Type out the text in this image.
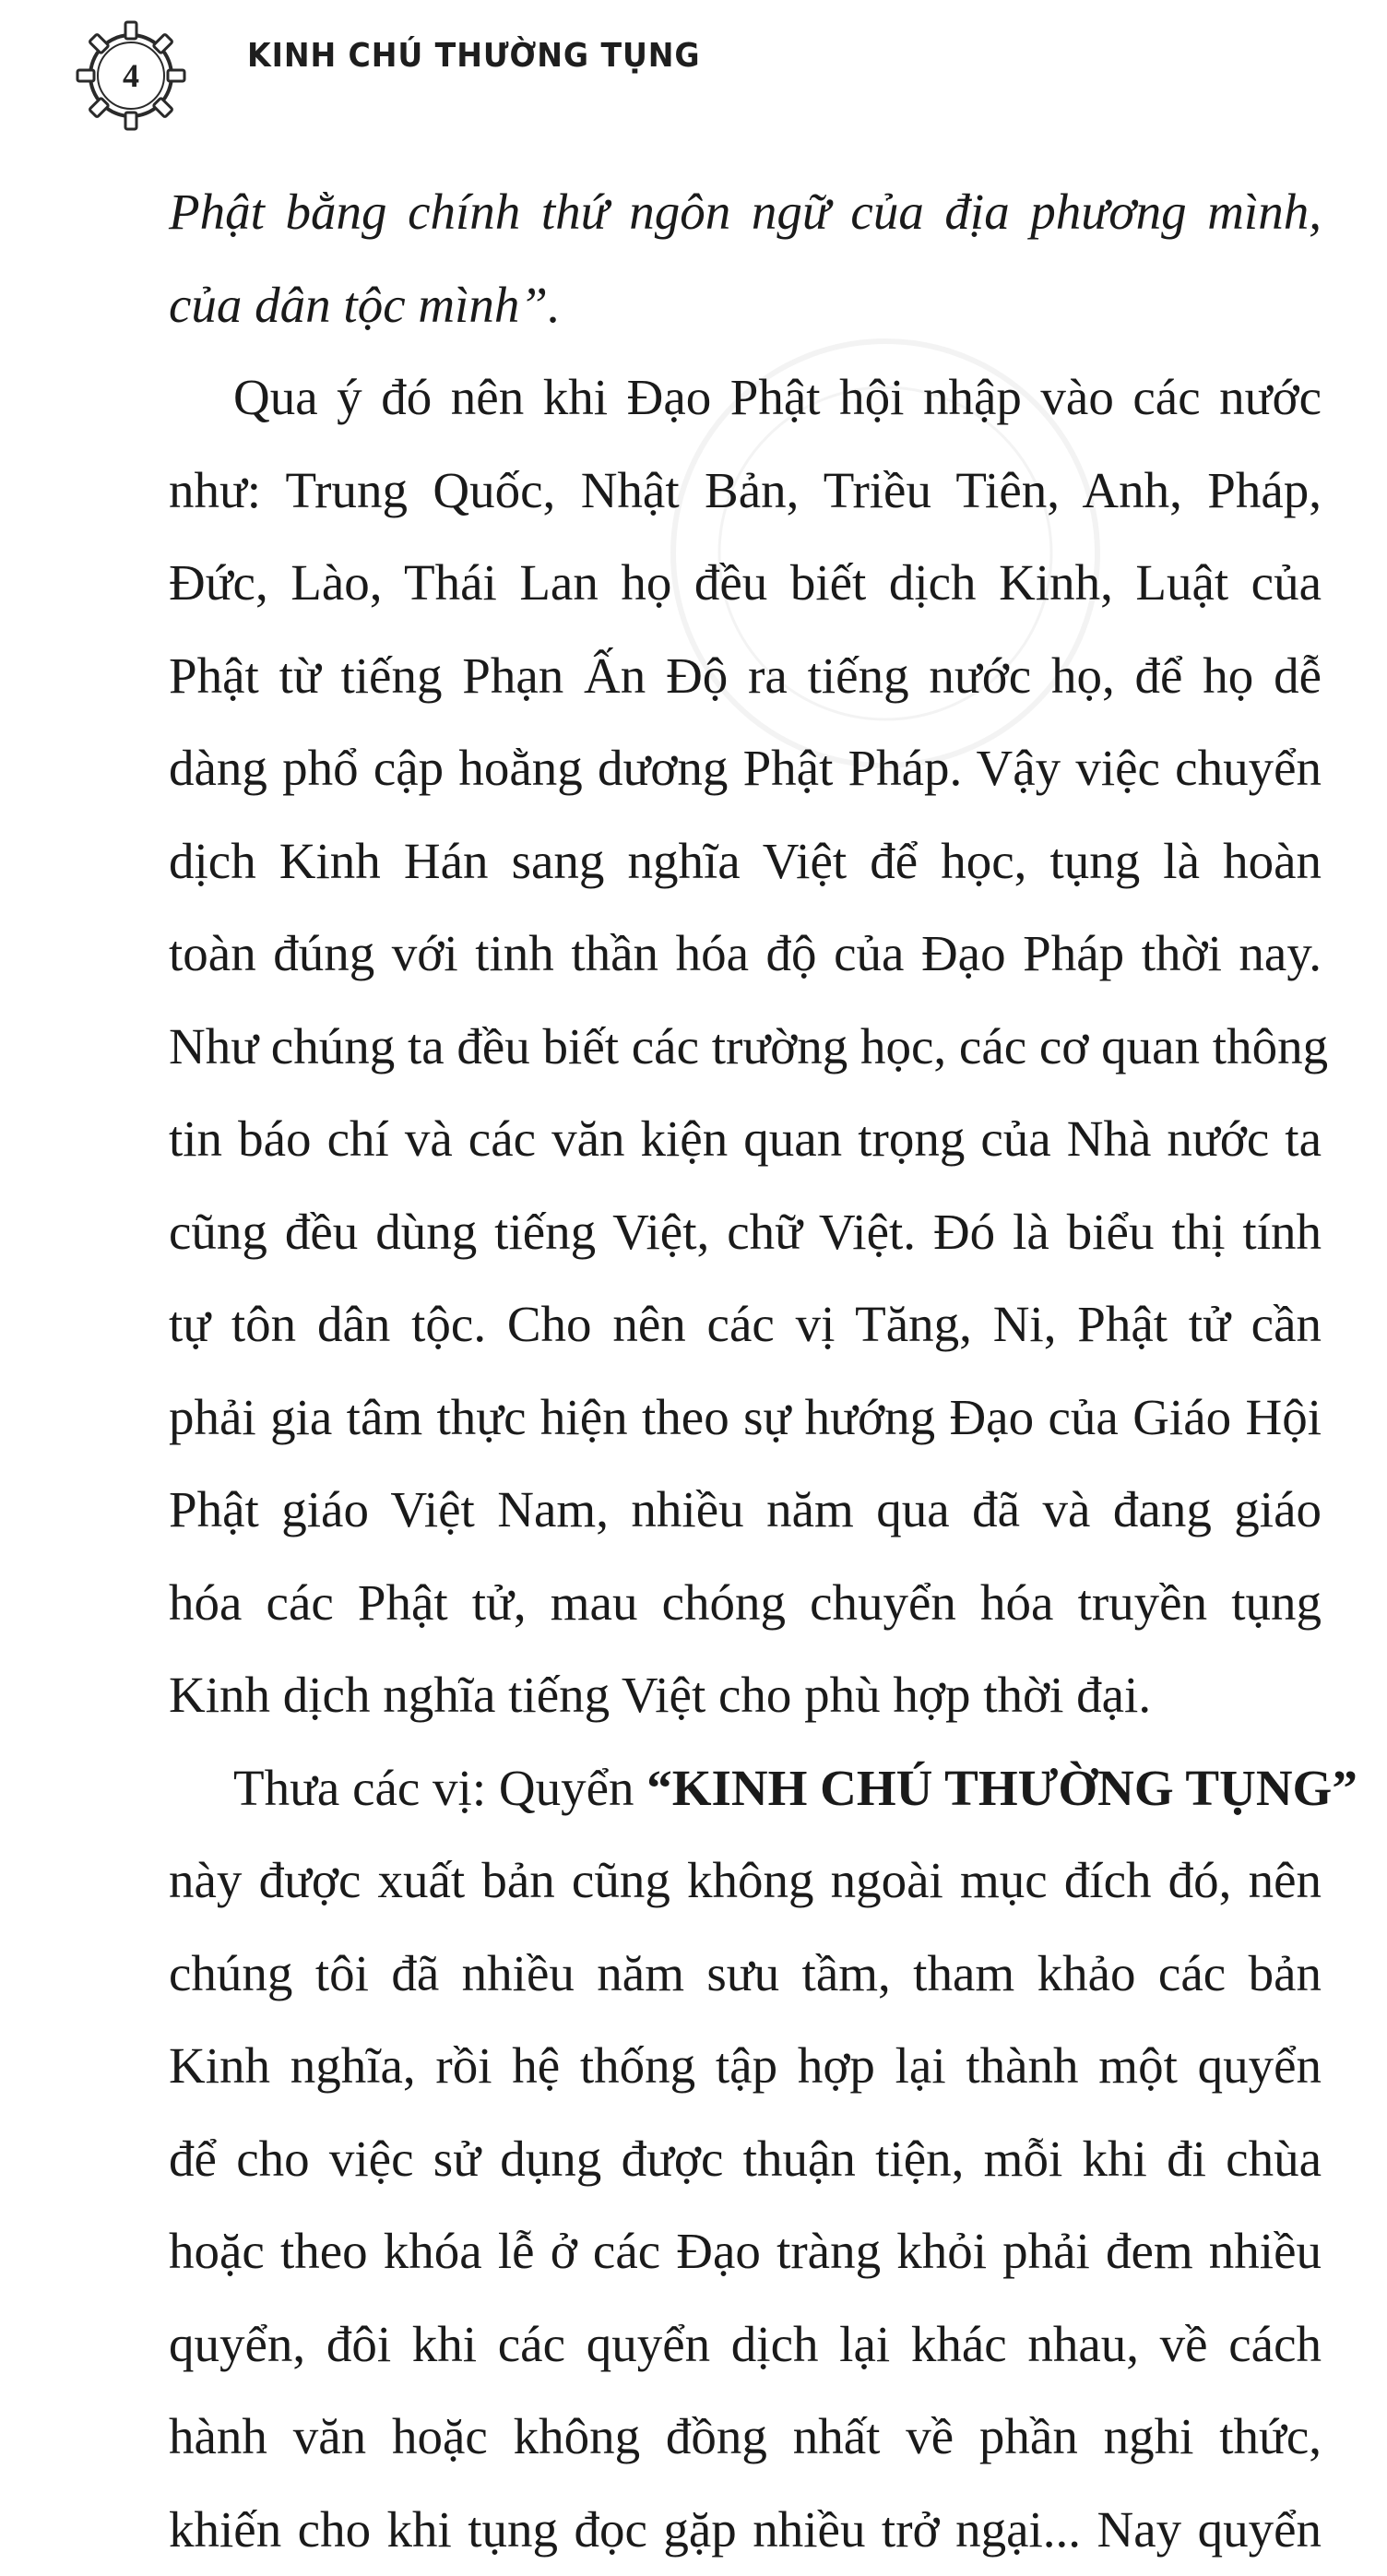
4
KINH CHÚ THƯỜNG TỤNG
Phật bằng chính thứ ngôn ngữ của địa phương mình,
của dân tộc mình”.
Qua ý đó nên khi Đạo Phật hội nhập vào các nước
như: Trung Quốc, Nhật Bản, Triều Tiên, Anh, Pháp,
Đức, Lào, Thái Lan họ đều biết dịch Kinh, Luật của
Phật từ tiếng Phạn Ấn Độ ra tiếng nước họ, để họ dễ
dàng phổ cập hoằng dương Phật Pháp. Vậy việc chuyển
dịch Kinh Hán sang nghĩa Việt để học, tụng là hoàn
toàn đúng với tinh thần hóa độ của Đạo Pháp thời nay.
Như chúng ta đều biết các trường học, các cơ quan thông
tin báo chí và các văn kiện quan trọng của Nhà nước ta
cũng đều dùng tiếng Việt, chữ Việt. Đó là biểu thị tính
tự tôn dân tộc. Cho nên các vị Tăng, Ni, Phật tử cần
phải gia tâm thực hiện theo sự hướng Đạo của Giáo Hội
Phật giáo Việt Nam, nhiều năm qua đã và đang giáo
hóa các Phật tử, mau chóng chuyển hóa truyền tụng
Kinh dịch nghĩa tiếng Việt cho phù hợp thời đại.
Thưa các vị: Quyển “KINH CHÚ THƯỜNG TỤNG”
này được xuất bản cũng không ngoài mục đích đó, nên
chúng tôi đã nhiều năm sưu tầm, tham khảo các bản
Kinh nghĩa, rồi hệ thống tập hợp lại thành một quyển
để cho việc sử dụng được thuận tiện, mỗi khi đi chùa
hoặc theo khóa lễ ở các Đạo tràng khỏi phải đem nhiều
quyển, đôi khi các quyển dịch lại khác nhau, về cách
hành văn hoặc không đồng nhất về phần nghi thức,
khiến cho khi tụng đọc gặp nhiều trở ngại... Nay quyển
